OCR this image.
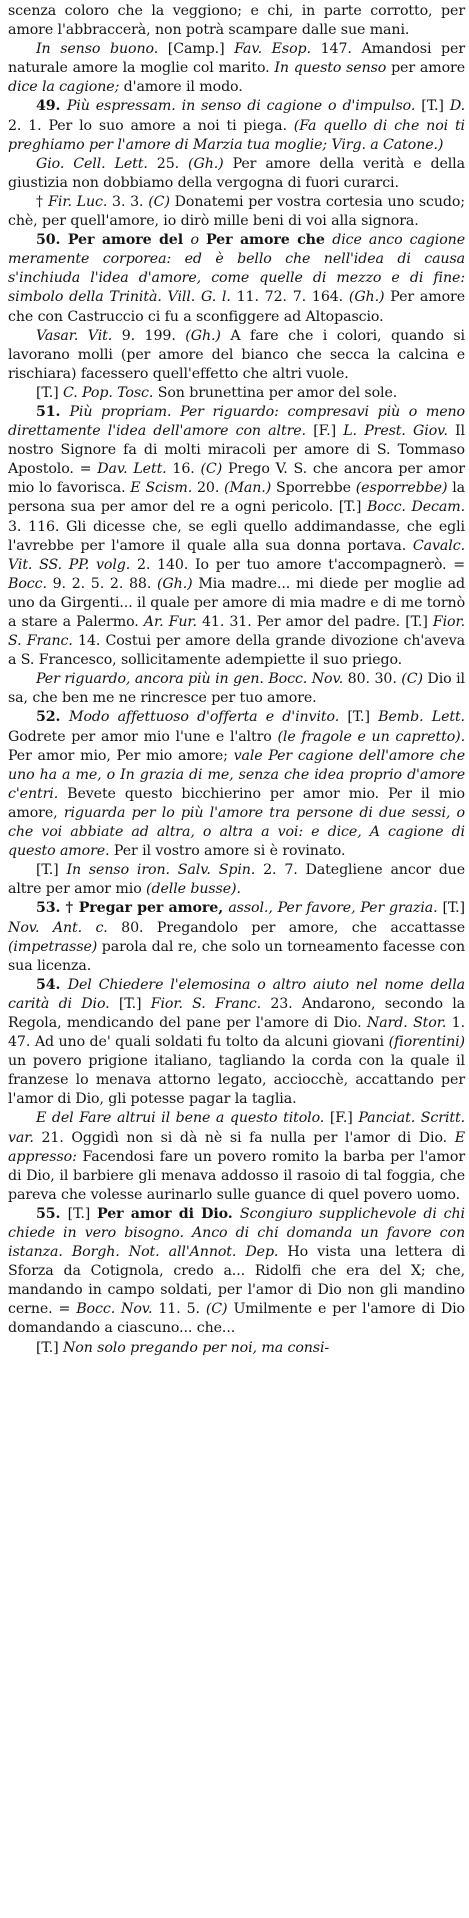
scenza coloro che la veggiono; e chi, in parte corrotto, per amore l'abbraccerà, non potrà scampare dalle sue mani.

In senso buono. [Camp.] Fav. Esop. 147. Amandosi per naturale amore la moglie col marito. In questo senso per amore dice la cagione; d'amore il modo.

49. Più espressam. in senso di cagione o d'impulso. [T.] D. 2. 1. Per lo suo amore a noi ti piega. (Fa quello di che noi ti preghiamo per l'amore di Marzia tua moglie; Virg. a Catone.)

Gio. Cell. Lett. 25. (Gh.) Per amore della verità e della giustizia non dobbiamo della vergogna di fuori curarci.

† Fir. Luc. 3. 3. (C) Donatemi per vostra cortesia uno scudo; chè, per quell'amore, io dirò mille beni di voi alla signora.

50. Per amore del o Per amore che dice anco cagione meramente corporea: ed è bello che nell'idea di causa s'inchiuda l'idea d'amore, come quelle di mezzo e di fine: simbolo della Trinità. Vill. G. l. 11. 72. 7. 164. (Gh.) Per amore che con Castruccio ci fu a sconfiggere ad Altopascio.

Vasar. Vit. 9. 199. (Gh.) A fare che i colori, quando si lavorano molli (per amore del bianco che secca la calcina e rischiara) facessero quell'effetto che altri vuole.

[T.] C. Pop. Tosc. Son brunettina per amor del sole.

51. Più propriam. Per riguardo: compresavi più o meno direttamente l'idea dell'amore con altre. [F.] L. Prest. Giov. Il nostro Signore fa di molti miracoli per amore di S. Tommaso Apostolo. = Dav. Lett. 16. (C) Prego V. S. che ancora per amor mio lo favorisca. E Scism. 20. (Man.) Sporrebbe (esporrebbe) la persona sua per amor del re a ogni pericolo. [T.] Bocc. Decam. 3. 116. Gli dicesse che, se egli quello addimandasse, che egli l'avrebbe per l'amore il quale alla sua donna portava. Cavalc. Vit. SS. PP. volg. 2. 140. Io per tuo amore t'accompagnerò. = Bocc. 9. 2. 5. 2. 88. (Gh.) Mia madre... mi diede per moglie ad uno da Girgenti... il quale per amore di mia madre e di me tornò a stare a Palermo. Ar. Fur. 41. 31. Per amor del padre. [T.] Fior. S. Franc. 14. Costui per amore della grande divozione ch'aveva a S. Francesco, sollicitamente adempiette il suo priego.

Per riguardo, ancora più in gen. Bocc. Nov. 80. 30. (C) Dio il sa, che ben me ne rincresce per tuo amore.

52. Modo affettuoso d'offerta e d'invito. [T.] Bemb. Lett. Godrete per amor mio l'une e l'altro (le fragole e un capretto). Per amor mio, Per mio amore; vale Per cagione dell'amore che uno ha a me, o In grazia di me, senza che idea proprio d'amore c'entri. Bevete questo bicchierino per amor mio. Per il mio amore, riguarda per lo più l'amore tra persone di due sessi, o che voi abbiate ad altra, o altra a voi: e dice, A cagione di questo amore. Per il vostro amore si è rovinato.

[T.] In senso iron. Salv. Spin. 2. 7. Dategliene ancor due altre per amor mio (delle busse).

53. † Pregar per amore, assol., Per favore, Per grazia. [T.] Nov. Ant. c. 80. Pregandolo per amore, che accattasse (impetrasse) parola dal re, che solo un torneamento facesse con sua licenza.

54. Del Chiedere l'elemosina o altro aiuto nel nome della carità di Dio. [T.] Fior. S. Franc. 23. Andarono, secondo la Regola, mendicando del pane per l'amore di Dio. Nard. Stor. 1. 47. Ad uno de' quali soldati fu tolto da alcuni giovani (fiorentini) un povero prigione italiano, tagliando la corda con la quale il franzese lo menava attorno legato, acciocchè, accattando per l'amor di Dio, gli potesse pagar la taglia.

E del Fare altrui il bene a questo titolo. [F.] Panciat. Scritt. var. 21. Oggidì non si dà nè si fa nulla per l'amor di Dio. E appresso: Facendosi fare un povero romito la barba per l'amor di Dio, il barbiere gli menava addosso il rasoio di tal foggia, che pareva che volesse aurinarlo sulle guance di quel povero uomo.

55. [T.] Per amor di Dio. Scongiuro supplichevole di chi chiede in vero bisogno. Anco di chi domanda un favore con istanza. Borgh. Not. all'Annot. Dep. Ho vista una lettera di Sforza da Cotignola, credo a... Ridolfi che era del X; che, mandando in campo soldati, per l'amor di Dio non gli mandino cerne. = Bocc. Nov. 11. 5. (C) Umilmente e per l'amore di Dio domandando a ciascuno... che...

[T.] Non solo pregando per noi, ma consi-
